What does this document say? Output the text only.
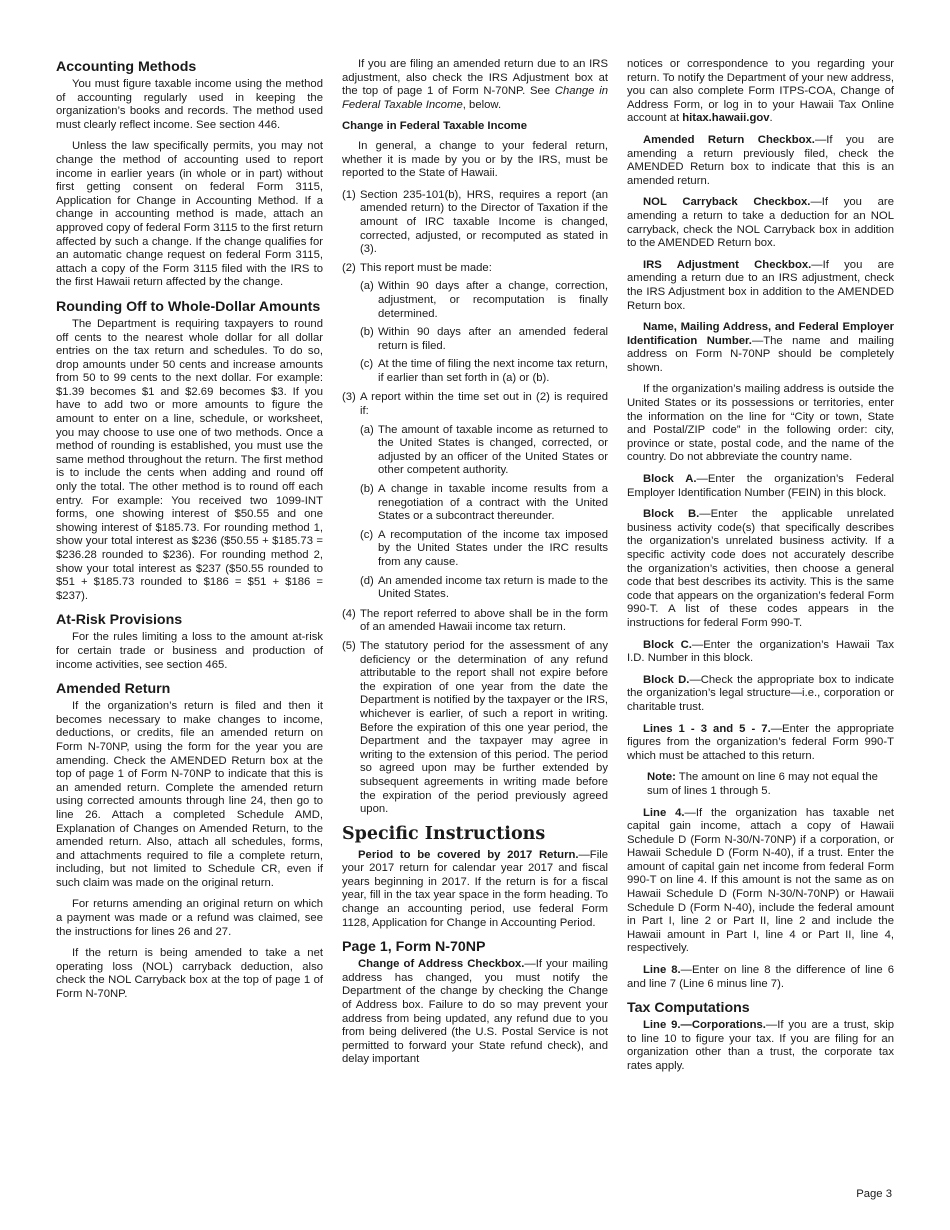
Accounting Methods

You must figure taxable income using the method of accounting regularly used in keeping the organization’s books and records. The method used must clearly reflect income. See section 446.

Unless the law specifically permits, you may not change the method of accounting used to report income in earlier years (in whole or in part) without first getting consent on federal Form 3115, Application for Change in Accounting Method. If a change in accounting method is made, attach an approved copy of federal Form 3115 to the first return affected by such a change. If the change qualifies for an automatic change request on federal Form 3115, attach a copy of the Form 3115 filed with the IRS to the first Hawaii return affected by the change.

Rounding Off to Whole-Dollar Amounts

The Department is requiring taxpayers to round off cents to the nearest whole dollar for all dollar entries on the tax return and schedules. To do so, drop amounts under 50 cents and increase amounts from 50 to 99 cents to the next dollar. For example: $1.39 becomes $1 and $2.69 becomes $3. If you have to add two or more amounts to figure the amount to enter on a line, schedule, or worksheet, you may choose to use one of two methods. Once a method of rounding is established, you must use the same method throughout the return. The first method is to include the cents when adding and round off only the total. The other method is to round off each entry. For example: You received two 1099-INT forms, one showing interest of $50.55 and one showing interest of $185.73. For rounding method 1, show your total interest as $236 ($50.55 + $185.73 = $236.28 rounded to $236). For rounding method 2, show your total interest as $237 ($50.55 rounded to $51 + $185.73 rounded to $186 = $51 + $186 = $237).

At-Risk Provisions

For the rules limiting a loss to the amount at-risk for certain trade or business and production of income activities, see section 465.

Amended Return

If the organization’s return is filed and then it becomes necessary to make changes to income, deductions, or credits, file an amended return on Form N-70NP, using the form for the year you are amending. Check the AMENDED Return box at the top of page 1 of Form N-70NP to indicate that this is an amended return. Complete the amended return using corrected amounts through line 24, then go to line 26. Attach a completed Schedule AMD, Explanation of Changes on Amended Return, to the amended return. Also, attach all schedules, forms, and attachments required to file a complete return, including, but not limited to Schedule CR, even if such claim was made on the original return.

For returns amending an original return on which a payment was made or a refund was claimed, see the instructions for lines 26 and 27.

If the return is being amended to take a net operating loss (NOL) carryback deduction, also check the NOL Carryback box at the top of page 1 of Form N-70NP.

If you are filing an amended return due to an IRS adjustment, also check the IRS Adjustment box at the top of page 1 of Form N-70NP. See Change in Federal Taxable Income, below.

Change in Federal Taxable Income

In general, a change to your federal return, whether it is made by you or by the IRS, must be reported to the State of Hawaii.

(1) Section 235-101(b), HRS, requires a report (an amended return) to the Director of Taxation if the amount of IRC taxable Income is changed, corrected, adjusted, or recomputed as stated in (3).
(2) This report must be made:
(a) Within 90 days after a change, correction, adjustment, or recomputation is finally determined.
(b) Within 90 days after an amended federal return is filed.
(c) At the time of filing the next income tax return, if earlier than set forth in (a) or (b).
(3) A report within the time set out in (2) is required if:
(a) The amount of taxable income as returned to the United States is changed, corrected, or adjusted by an officer of the United States or other competent authority.
(b) A change in taxable income results from a renegotiation of a contract with the United States or a subcontract thereunder.
(c) A recomputation of the income tax imposed by the United States under the IRC results from any cause.
(d) An amended income tax return is made to the United States.
(4) The report referred to above shall be in the form of an amended Hawaii income tax return.
(5) The statutory period for the assessment of any deficiency or the determination of any refund attributable to the report shall not expire before the expiration of one year from the date the Department is notified by the taxpayer or the IRS, whichever is earlier, of such a report in writing. Before the expiration of this one year period, the Department and the taxpayer may agree in writing to the extension of this period. The period so agreed upon may be further extended by subsequent agreements in writing made before the expiration of the period previously agreed upon.
Specific Instructions

Period to be covered by 2017 Return.—File your 2017 return for calendar year 2017 and fiscal years beginning in 2017. If the return is for a fiscal year, fill in the tax year space in the form heading. To change an accounting period, use federal Form 1128, Application for Change in Accounting Period.

Page 1, Form N-70NP

Change of Address Checkbox.—If your mailing address has changed, you must notify the Department of the change by checking the Change of Address box. Failure to do so may prevent your address from being updated, any refund due to you from being delivered (the U.S. Postal Service is not permitted to forward your State refund check), and delay important

notices or correspondence to you regarding your return. To notify the Department of your new address, you can also complete Form ITPS-COA, Change of Address Form, or log in to your Hawaii Tax Online account at hitax.hawaii.gov.

Amended Return Checkbox.—If you are amending a return previously filed, check the AMENDED Return box to indicate that this is an amended return.

NOL Carryback Checkbox.—If you are amending a return to take a deduction for an NOL carryback, check the NOL Carryback box in addition to the AMENDED Return box.

IRS Adjustment Checkbox.—If you are amending a return due to an IRS adjustment, check the IRS Adjustment box in addition to the AMENDED Return box.

Name, Mailing Address, and Federal Employer Identification Number.—The name and mailing address on Form N-70NP should be completely shown.

If the organization’s mailing address is outside the United States or its possessions or territories, enter the information on the line for “City or town, State and Postal/ZIP code” in the following order: city, province or state, postal code, and the name of the country. Do not abbreviate the country name.

Block A.—Enter the organization’s Federal Employer Identification Number (FEIN) in this block.

Block B.—Enter the applicable unrelated business activity code(s) that specifically describes the organization’s unrelated business activity. If a specific activity code does not accurately describe the organization’s activities, then choose a general code that best describes its activity. This is the same code that appears on the organization’s federal Form 990-T. A list of these codes appears in the instructions for federal Form 990-T.

Block C.—Enter the organization’s Hawaii Tax I.D. Number in this block.

Block D.—Check the appropriate box to indicate the organization’s legal structure—i.e., corporation or charitable trust.

Lines 1 - 3 and 5 - 7.—Enter the appropriate figures from the organization’s federal Form 990-T which must be attached to this return.

Note: The amount on line 6 may not equal the sum of lines 1 through 5.

Line 4.—If the organization has taxable net capital gain income, attach a copy of Hawaii Schedule D (Form N-30/N-70NP) if a corporation, or Hawaii Schedule D (Form N-40), if a trust. Enter the amount of capital gain net income from federal Form 990-T on line 4. If this amount is not the same as on Hawaii Schedule D (Form N-30/N-70NP) or Hawaii Schedule D (Form N-40), include the federal amount in Part I, line 2 or Part II, line 2 and include the Hawaii amount in Part I, line 4 or Part II, line 4, respectively.

Line 8.—Enter on line 8 the difference of line 6 and line 7 (Line 6 minus line 7).

Tax Computations

Line 9.—Corporations.—If you are a trust, skip to line 10 to figure your tax. If you are filing for an organization other than a trust, the corporate tax rates apply.

Page 3
